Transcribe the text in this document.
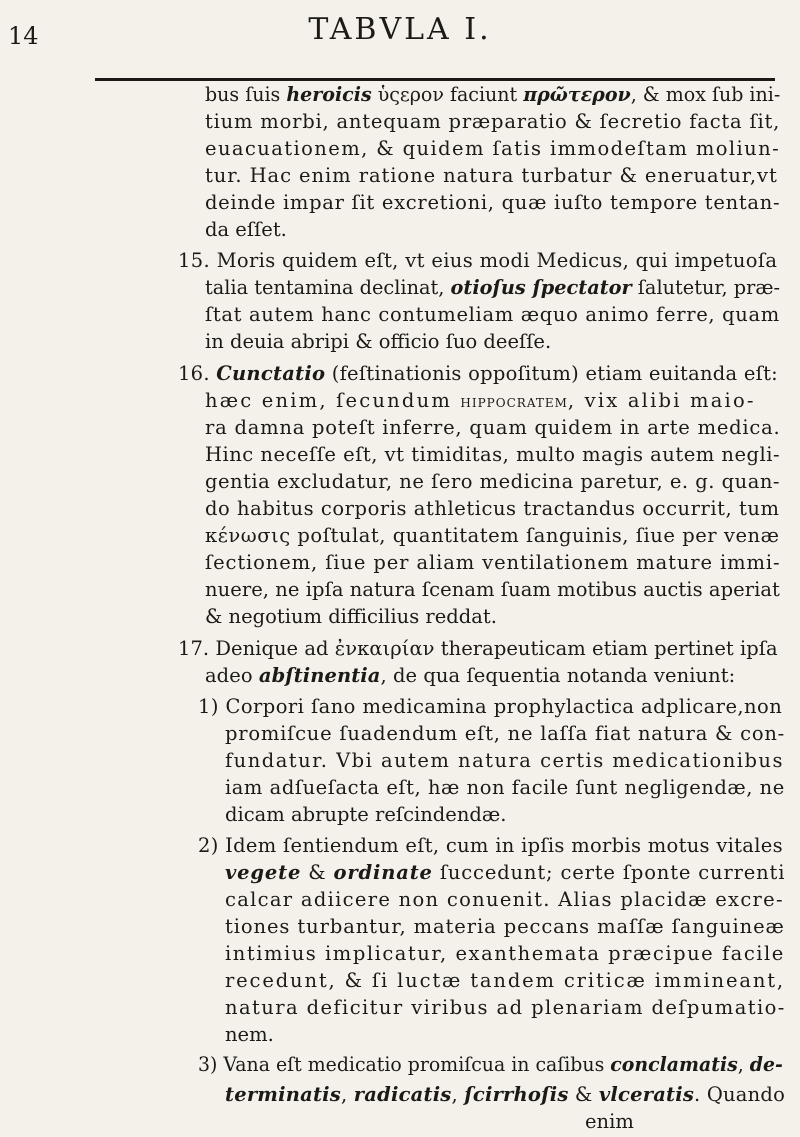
14	TABVLA I.
bus ſuis heroicis ὑςερον faciunt πρῶτερον, & mox ſub ini-
tium morbi, antequam præparatio & ſecretio facta ſit,
euacuationem, & quidem ſatis immodeſtam moliun-
tur. Hac enim ratione natura turbatur & eneruatur,vt
deinde impar ſit excretioni, quæ iuſto tempore tentan-
da eſſet.
15. Moris quidem eſt, vt eius modi Medicus, qui impetuoſa
talia tentamina declinat, otioſus ſpectator ſalutetur, præ-
ſtat autem hanc contumeliam æquo animo ferre, quam
in deuia abripi & officio ſuo deeſſe.
16. Cunctatio (feſtinationis oppoſitum) etiam euitanda eſt:
hæc enim, ſecundum hippocratem, vix alibi maio-
ra damna poteſt inferre, quam quidem in arte medica.
Hinc neceſſe eſt, vt timiditas, multo magis autem negli-
gentia excludatur, ne ſero medicina paretur, e. g. quan-
do habitus corporis athleticus tractandus occurrit, tum
κένωσις poſtulat, quantitatem ſanguinis, ſiue per venæ
ſectionem, ſiue per aliam ventilationem mature immi-
nuere, ne ipſa natura ſcenam ſuam motibus auctis aperiat
& negotium difficilius reddat.
17. Denique ad ἐνκαιρίαν therapeuticam etiam pertinet ipſa
adeo abſtinentia, de qua ſequentia notanda veniunt:
1) Corpori ſano medicamina prophylactica adplicare,non
promiſcue ſuadendum eſt, ne laſſa fiat natura & con-
fundatur. Vbi autem natura certis medicationibus
iam adſueſacta eſt, hæ non facile ſunt negligendæ, ne
dicam abrupte reſcindendæ.
2) Idem ſentiendum eſt, cum in ipſis morbis motus vitales
vegete & ordinate ſuccedunt; certe ſponte currenti
calcar adiicere non conuenit. Alias placidæ excre-
tiones turbantur, materia peccans maſſæ ſanguineæ
intimius implicatur, exanthemata præcipue facile
recedunt, & ſi luctæ tandem criticæ immineant,
natura deficitur viribus ad plenariam deſpumatio-
nem.
3) Vana eſt medicatio promiſcua in caſibus conclamatis, de-
terminatis, radicatis, ſcirrhoſis & vlceratis. Quando
enim
